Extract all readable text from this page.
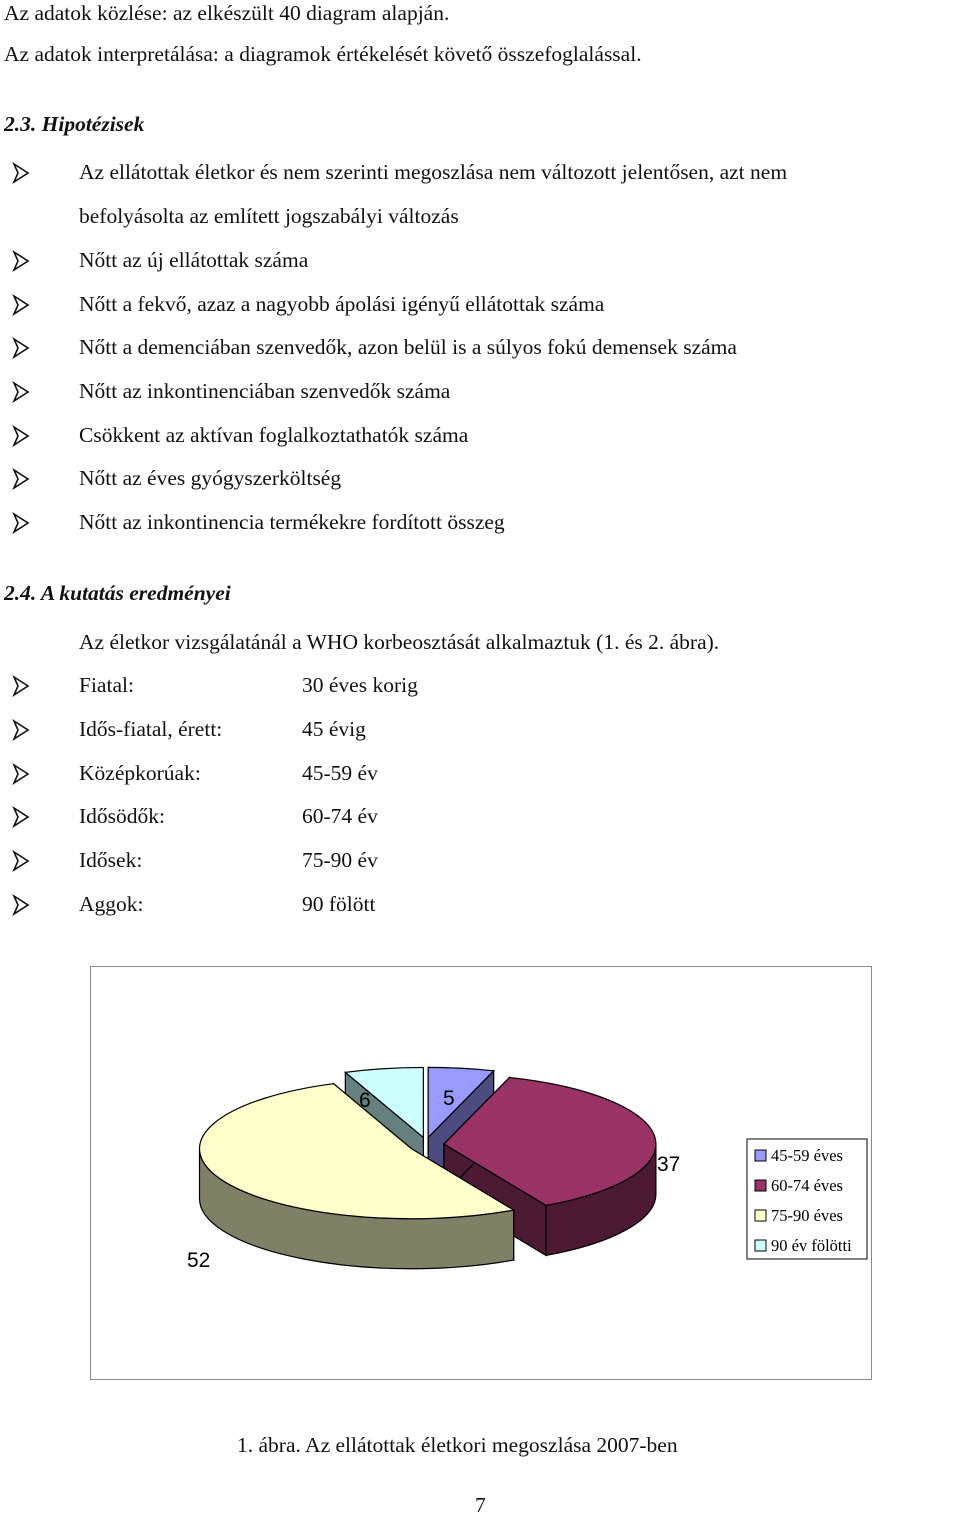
Az adatok közlése: az elkészült 40 diagram alapján.
Az adatok interpretálása: a diagramok értékelését követő összefoglalással.
2.3. Hipotézisek
Az ellátottak életkor és nem szerinti megoszlása nem változott jelentősen, azt nem
befolyásolta az említett jogszabályi változás
Nőtt az új ellátottak száma
Nőtt a fekvő, azaz a nagyobb ápolási igényű ellátottak száma
Nőtt a demenciában szenvedők, azon belül is a súlyos fokú demensek száma
Nőtt az inkontinenciában szenvedők száma
Csökkent az aktívan foglalkoztathatók száma
Nőtt az éves gyógyszerköltség
Nőtt az inkontinencia termékekre fordított összeg
2.4. A kutatás eredményei
Az életkor vizsgálatánál a WHO korbeosztását alkalmaztuk (1. és 2. ábra).
Fiatal:	30 éves korig
Idős-fiatal, érett:	45 évig
Középkorúak:	45-59 év
Idősödők:	60-74 év
Idősek:	75-90 év
Aggok:	90 fölött
6	5
37
52
45-59 éves
60-74 éves
75-90 éves
90 év fölötti
1. ábra. Az ellátottak életkori megoszlása 2007-ben
7
